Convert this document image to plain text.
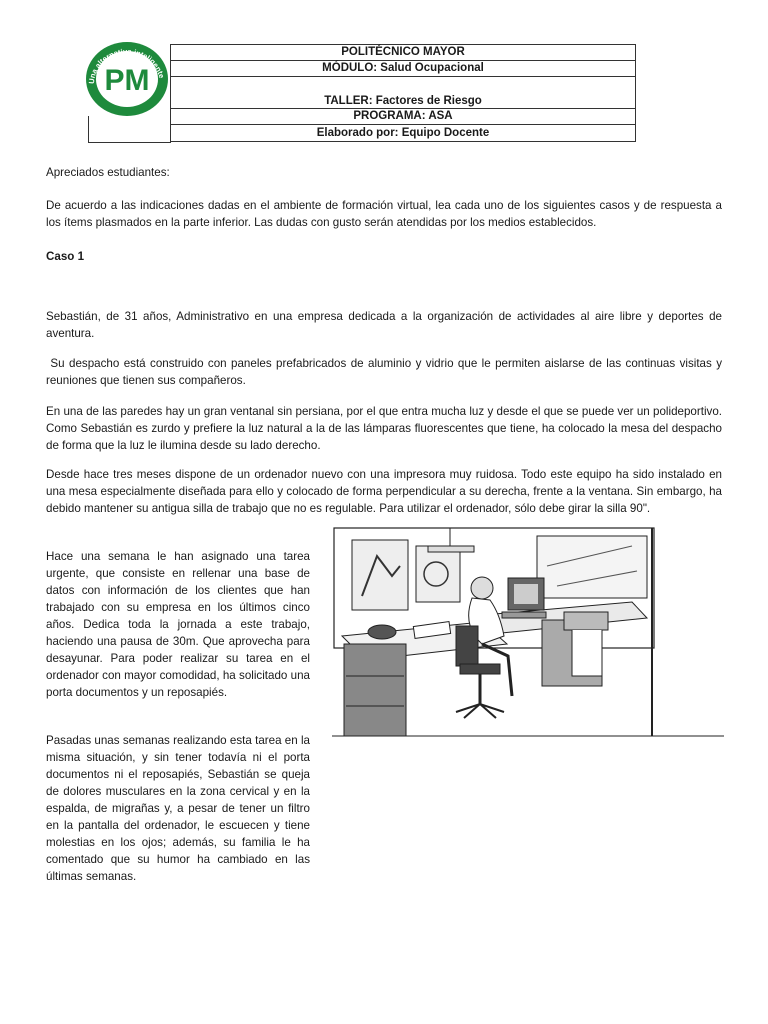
PM
Una alternativa inteligente
POLITÉCNICO MAYOR
MÓDULO: Salud Ocupacional
TALLER: Factores de Riesgo
PROGRAMA: ASA
Elaborado por: Equipo Docente

Apreciados estudiantes:

De acuerdo a las indicaciones dadas en el ambiente de formación virtual, lea cada uno de los siguientes casos y de respuesta a los ítems plasmados en la parte inferior. Las dudas con gusto serán atendidas por los medios establecidos.

Caso 1

Sebastián, de 31 años, Administrativo en una empresa dedicada a la organización de actividades al aire libre y deportes de aventura.

Su despacho está construido con paneles prefabricados de aluminio y vidrio que le permiten aislarse de las continuas visitas y reuniones que tienen sus compañeros.

En una de las paredes hay un gran ventanal sin persiana, por el que entra mucha luz y desde el que se puede ver un polideportivo. Como Sebastián es zurdo y prefiere la luz natural a la de las lámparas fluorescentes que tiene, ha colocado la mesa del despacho de forma que la luz le ilumina desde su lado derecho.

Desde hace tres meses dispone de un ordenador nuevo con una impresora muy ruidosa. Todo este equipo ha sido instalado en una mesa especialmente diseñada para ello y colocado de forma perpendicular a su derecha, frente a la ventana. Sin embargo, ha debido mantener su antigua silla de trabajo que no es regulable. Para utilizar el ordenador, sólo debe girar la silla 90".

Hace una semana le han asignado una tarea urgente, que consiste en rellenar una base de datos con información de los clientes que han trabajado con su empresa en los últimos cinco años. Dedica toda la jornada a este trabajo, haciendo una pausa de 30m. Que aprovecha para desayunar. Para poder realizar su tarea en el ordenador con mayor comodidad, ha solicitado una porta documentos y un reposapiés.

Pasadas unas semanas realizando esta tarea en la misma situación, y sin tener todavía ni el porta documentos ni el reposapiés, Sebastián se queja de dolores musculares en la zona cervical y en la espalda, de migrañas y, a pesar de tener un filtro en la pantalla del ordenador, le escuecen y tiene molestias en los ojos; además, su familia le ha comentado que su humor ha cambiado en las últimas semanas.
